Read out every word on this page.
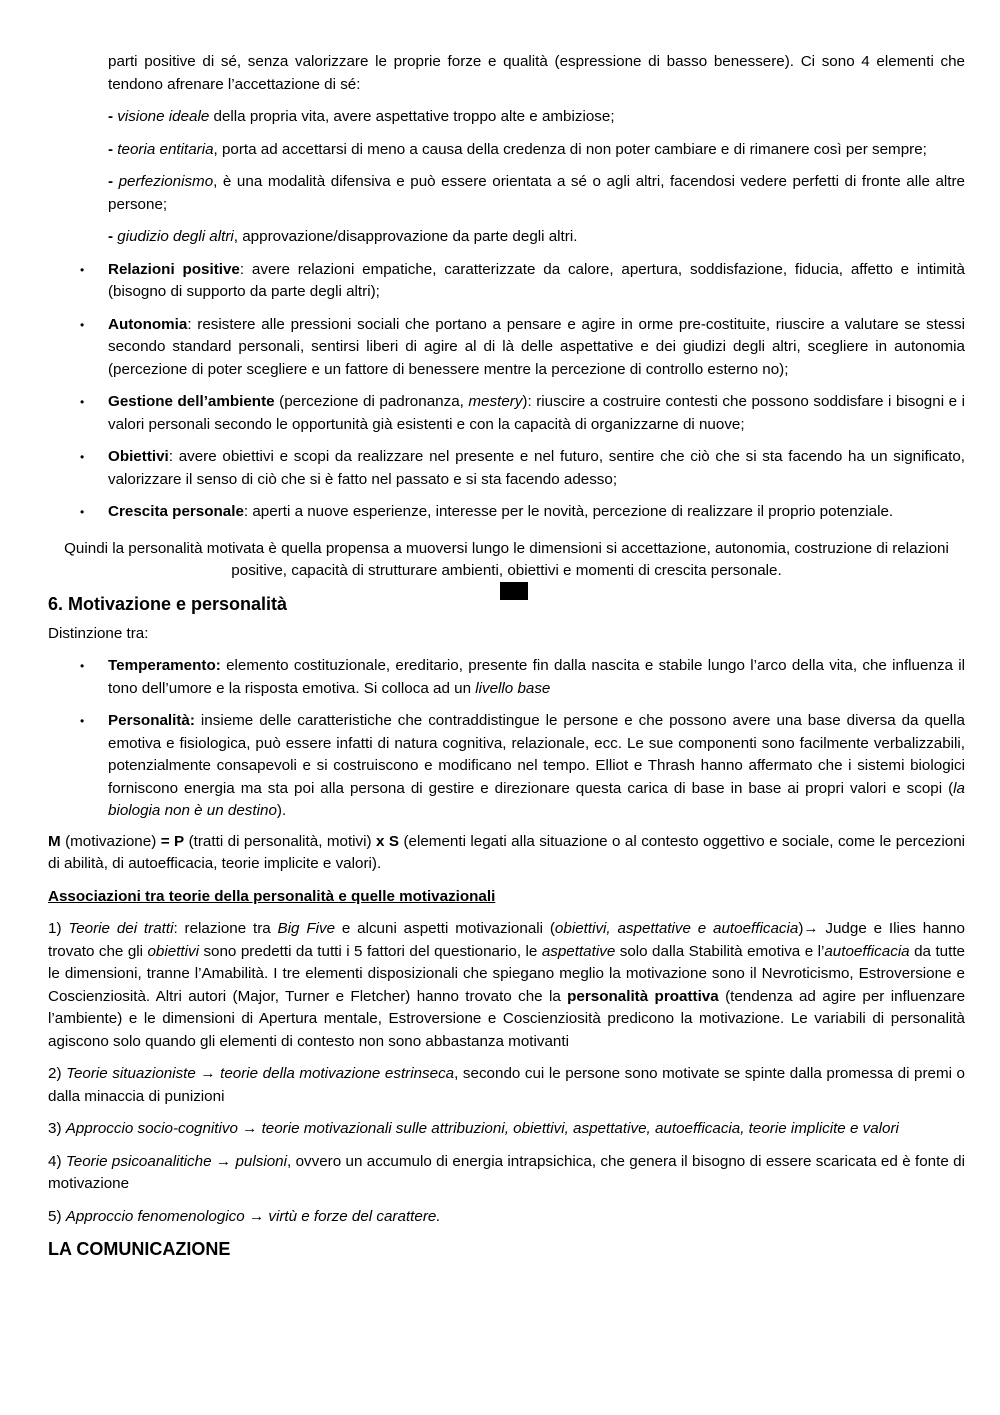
parti positive di sé, senza valorizzare le proprie forze e qualità (espressione di basso benessere). Ci sono 4 elementi che tendono afrenare l’accettazione di sé:

- visione ideale della propria vita, avere aspettative troppo alte e ambiziose;

- teoria entitaria, porta ad accettarsi di meno a causa della credenza di non poter cambiare e di rimanere così per sempre;

- perfezionismo, è una modalità difensiva e può essere orientata a sé o agli altri, facendosi vedere perfetti di fronte alle altre persone;

- giudizio degli altri, approvazione/disapprovazione da parte degli altri.

• Relazioni positive: avere relazioni empatiche, caratterizzate da calore, apertura, soddisfazione, fiducia, affetto e intimità (bisogno di supporto da parte degli altri);
• Autonomia: resistere alle pressioni sociali che portano a pensare e agire in orme pre-costituite, riuscire a valutare se stessi secondo standard personali, sentirsi liberi di agire al di là delle aspettative e dei giudizi degli altri, scegliere in autonomia (percezione di poter scegliere e un fattore di benessere mentre la percezione di controllo esterno no);
• Gestione dell’ambiente (percezione di padronanza, mestery): riuscire a costruire contesti che possono soddisfare i bisogni e i valori personali secondo le opportunità già esistenti e con la capacità di organizzarne di nuove;
• Obiettivi: avere obiettivi e scopi da realizzare nel presente e nel futuro, sentire che ciò che si sta facendo ha un significato, valorizzare il senso di ciò che si è fatto nel passato e si sta facendo adesso;
• Crescita personale: aperti a nuove esperienze, interesse per le novità, percezione di realizzare il proprio potenziale.

Quindi la personalità motivata è quella propensa a muoversi lungo le dimensioni si accettazione, autonomia, costruzione di relazioni positive, capacità di strutturare ambienti, obiettivi e momenti di crescita personale.

6. Motivazione e personalità

Distinzione tra:

• Temperamento: elemento costituzionale, ereditario, presente fin dalla nascita e stabile lungo l’arco della vita, che influenza il tono dell’umore e la risposta emotiva. Si colloca ad un livello base
• Personalità: insieme delle caratteristiche che contraddistingue le persone e che possono avere una base diversa da quella emotiva e fisiologica, può essere infatti di natura cognitiva, relazionale, ecc. Le sue componenti sono facilmente verbalizzabili, potenzialmente consapevoli e si costruiscono e modificano nel tempo. Elliot e Thrash hanno affermato che i sistemi biologici forniscono energia ma sta poi alla persona di gestire e direzionare questa carica di base in base ai propri valori e scopi (la biologia non è un destino).

M (motivazione) = P (tratti di personalità, motivi) x S (elementi legati alla situazione o al contesto oggettivo e sociale, come le percezioni di abilità, di autoefficacia, teorie implicite e valori).

Associazioni tra teorie della personalità e quelle motivazionali

1) Teorie dei tratti: relazione tra Big Five e alcuni aspetti motivazionali (obiettivi, aspettative e autoefficacia)→ Judge e Ilies hanno trovato che gli obiettivi sono predetti da tutti i 5 fattori del questionario, le aspettative solo dalla Stabilità emotiva e l’autoefficacia da tutte le dimensioni, tranne l’Amabilità. I tre elementi disposizionali che spiegano meglio la motivazione sono il Nevroticismo, Estroversione e Coscienziosità. Altri autori (Major, Turner e Fletcher) hanno trovato che la personalità proattiva (tendenza ad agire per influenzare l’ambiente) e le dimensioni di Apertura mentale, Estroversione e Coscienziosità predicono la motivazione. Le variabili di personalità agiscono solo quando gli elementi di contesto non sono abbastanza motivanti

2) Teorie situazioniste → teorie della motivazione estrinseca, secondo cui le persone sono motivate se spinte dalla promessa di premi o dalla minaccia di punizioni

3) Approccio socio-cognitivo → teorie motivazionali sulle attribuzioni, obiettivi, aspettative, autoefficacia, teorie implicite e valori

4) Teorie psicoanalitiche → pulsioni, ovvero un accumulo di energia intrapsichica, che genera il bisogno di essere scaricata ed è fonte di motivazione

5) Approccio fenomenologico → virtù e forze del carattere.

LA COMUNICAZIONE
